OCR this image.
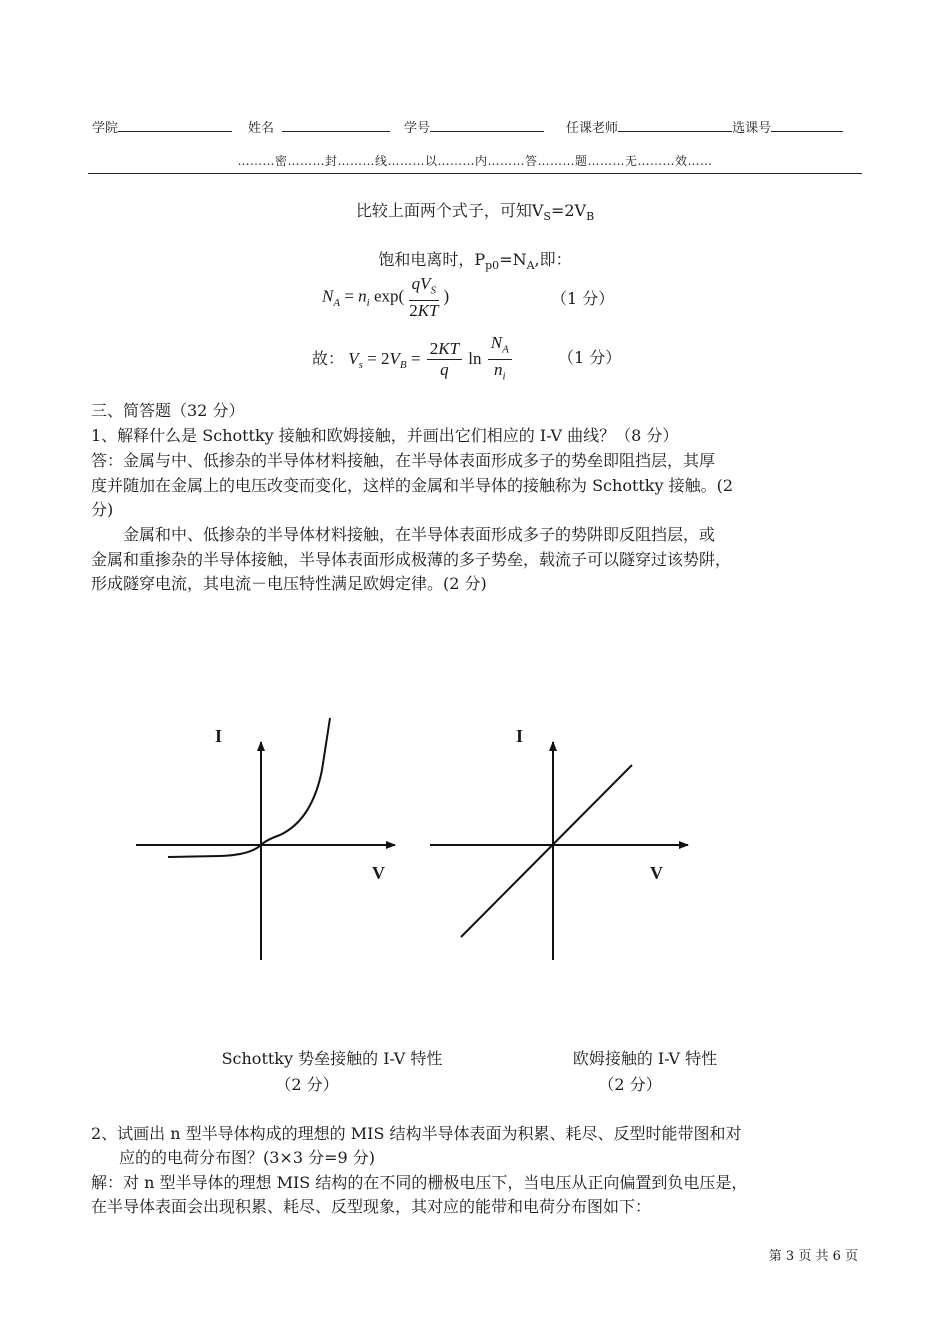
学院	姓名	学号	任课老师	选课号
………密………封………线………以………内………答………题………无………效……
比较上面两个式子，可知$V_S=2V_B$
饱和电离时，$P_{p0}=N_A$,即：
$N_A = n_i$ $\exp( \frac{qV_S}{2KT}$ )	（1 分）
故： $V_s = 2V_B = \frac{2KT}{q}$ $\ln \frac{N_A}{n_i}$	（1 分）
三、简答题（32 分）
1、解释什么是 Schottky 接触和欧姆接触，并画出它们相应的 I-V 曲线？（8 分）
答：金属与中、低掺杂的半导体材料接触，在半导体表面形成多子的势垒即阻挡层，其厚
度并随加在金属上的电压改变而变化，这样的金属和半导体的接触称为 Schottky 接触。(2
分)
金属和中、低掺杂的半导体材料接触，在半导体表面形成多子的势阱即反阻挡层，或
金属和重掺杂的半导体接触，半导体表面形成极薄的多子势垒，载流子可以隧穿过该势阱，
形成隧穿电流，其电流－电压特性满足欧姆定律。(2 分)
I
V
I
V
Schottky 势垒接触的 I-V 特性
（2 分）
欧姆接触的 I-V 特性
（2 分）
2、试画出 n 型半导体构成的理想的 MIS 结构半导体表面为积累、耗尽、反型时能带图和对
应的的电荷分布图？(3×3 分=9 分)
解：对 n 型半导体的理想 MIS 结构的在不同的栅极电压下，当电压从正向偏置到负电压是，
在半导体表面会出现积累、耗尽、反型现象，其对应的能带和电荷分布图如下：
第 3 页 共 6 页
